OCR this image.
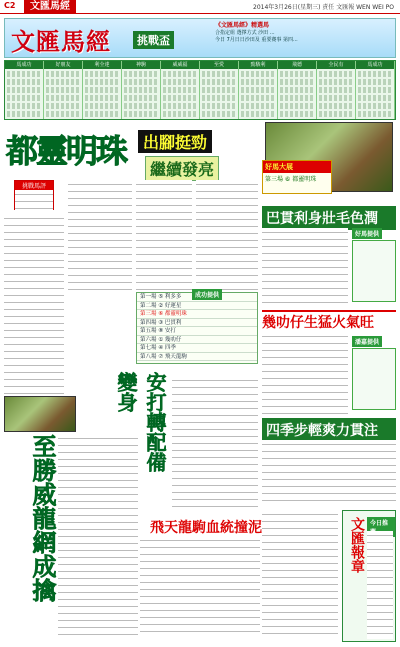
C2	文匯馬經	2014年3月26日(星期三) 責任 文匯報 WEN WEI PO
文匯馬經	挑戰盃
《文匯馬經》精選馬
合指定組 選擇方式 沙田 ...
今日 7月日日沙田及 重要賽事 第四...
馬成功	好朋友	利全達	神駒	威威福	至愛	勁駿利	飛德	全民有	馬成功
都靈明珠	出腳挺勁
繼續發亮	好馬大展
第三場 ⑥ 都靈明珠
挑戰馬評
第一場 ⑤ 利多多
第二場 ② 好運星
第三場 ⑥ 都靈明珠
第四場 ③ 巴貫利
第五場 ⑧ 安打
第六場 ① 幾叻仔
第七場 ④ 四季
第八場 ⑦ 飛天龍駒
成功提供
巴貫利身壯毛色潤
好馬提供
幾叻仔生猛火氣旺
潘嘉提供
四季步輕爽力貫注
至勝威龍網成擒
安打轉配備變身
飛天龍駒血統撞泥	文匯報章 今日推
